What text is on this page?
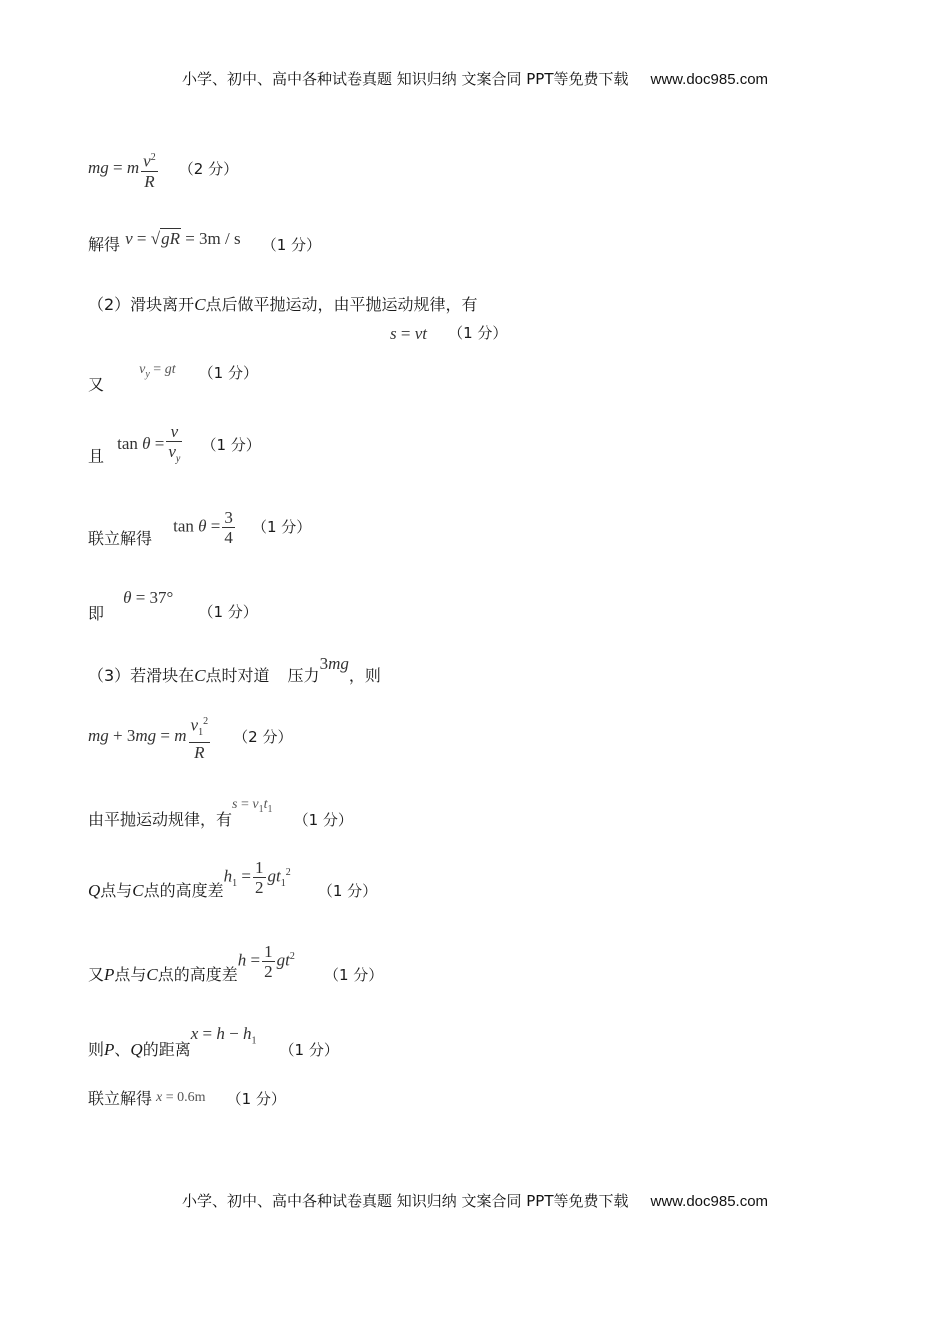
小学、初中、高中各种试卷真题 知识归纳 文案合同 PPT等免费下载 www.doc985.com
mg = m $\frac{v^2}{R} (2$ 分）
解得 v = √gR = 3m / s （1 分）
（2）滑块离开C点后做平抛运动，由平抛运动规律，有
s = vt （1 分）
又 $v_y$ = gt （1 分）
且 $\tan \theta = \frac{v}{v_y} (1$ 分）
联立解得 $\tan \theta = \frac{3}{4} (1$ 分）
即 θ = 37° （1 分）
（3）若滑块在C点时对道 压力3mg，则
mg + 3mg = m $\frac{v_1^2}{R} (2$ 分）
由平抛运动规律，有$s = v_1t_1$ （1 分）
Q点与C点的高度差$h_1 = \frac{1}{2} gt_1^2$ （1 分）
又P点与C点的高度差$h = \frac{1}{2} gt^2$ （1 分）
则P、Q的距离$x = h - h_1$ （1 分）
联立解得 x = 0.6m （1 分）
小学、初中、高中各种试卷真题 知识归纳 文案合同 PPT等免费下载 www.doc985.com
